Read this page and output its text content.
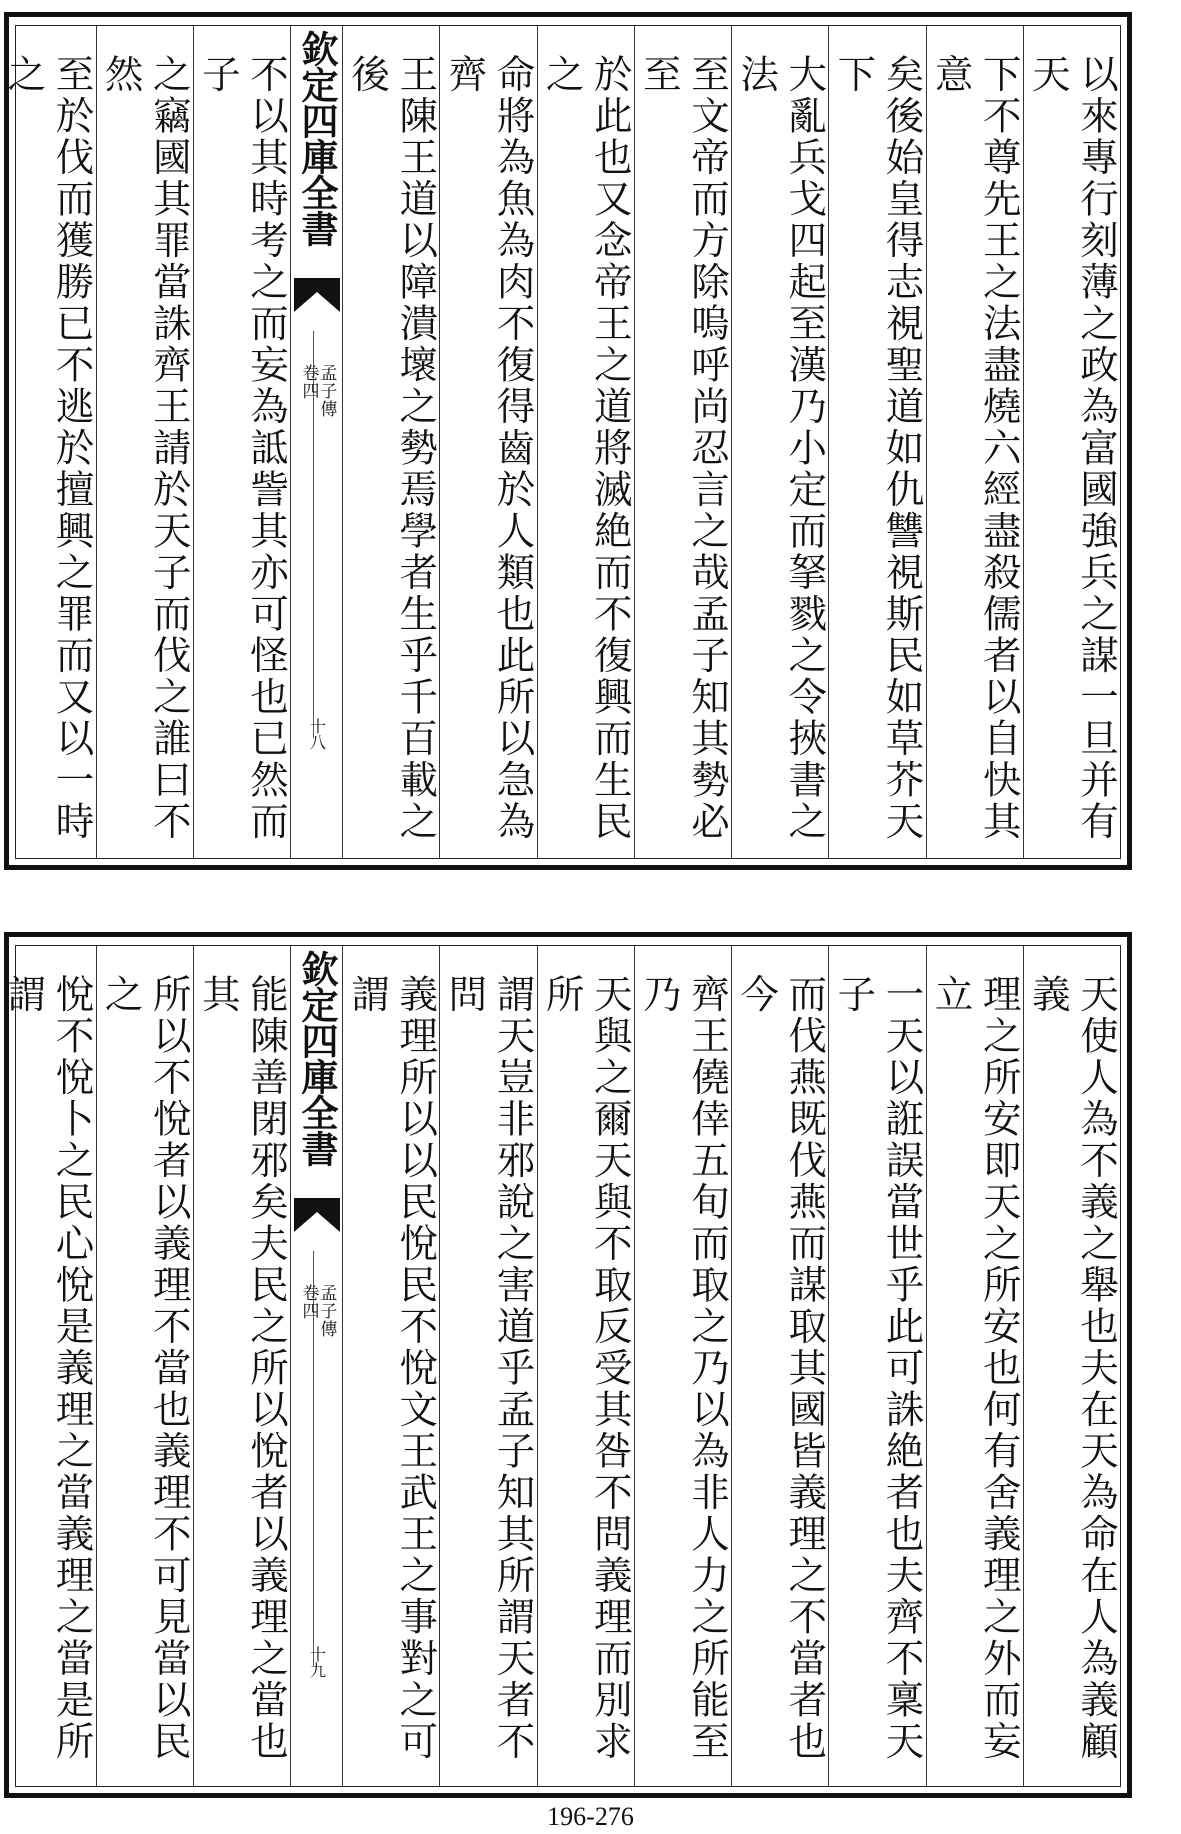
以來專行刻薄之政為富國強兵之謀一旦并有天
下不尊先王之法盡燒六經盡殺儒者以自快其意
矣後始皇得志視聖道如仇讐視斯民如草芥天下
大亂兵戈四起至漢乃小定而拏戮之令挾書之法
至文帝而方除嗚呼尚忍言之哉孟子知其勢必至
於此也又念帝王之道將滅絶而不復興而生民之
命將為魚為肉不復得齒於人類也此所以急為齊
王陳王道以障潰壞之勢焉學者生乎千百載之後
欽定四庫全書
孟子傳
卷四
十八
不以其時考之而妄為詆訾其亦可怪也已然而子
之竊國其罪當誅齊王請於天子而伐之誰曰不然
至於伐而獲勝已不逃於擅興之罪而又以一時之
天使人為不義之舉也夫在天為命在人為義顧義
理之所安即天之所安也何有舍義理之外而妄立
一天以誑誤當世乎此可誅絶者也夫齊不稟天子
而伐燕既伐燕而謀取其國皆義理之不當者也今
齊王僥倖五旬而取之乃以為非人力之所能至乃
天與之爾天與不取反受其咎不問義理而別求所
謂天豈非邪說之害道乎孟子知其所謂天者不問
義理所以以民悅民不悅文王武王之事對之可謂
欽定四庫全書
孟子傳
卷四
十九
能陳善閉邪矣夫民之所以悅者以義理之當也其
所以不悅者以義理不當也義理不可見當以民之
悅不悅卜之民心悅是義理之當義理之當是所謂
196-276
